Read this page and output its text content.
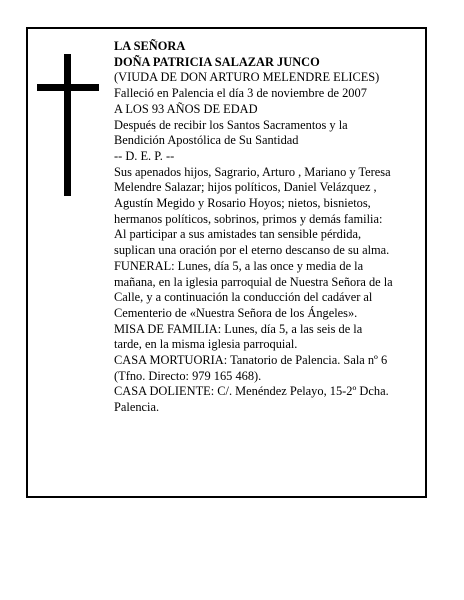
LA SEÑORA

DOÑA PATRICIA SALAZAR JUNCO

(VIUDA DE DON ARTURO MELENDRE ELICES)

Falleció en Palencia el día 3 de noviembre de 2007

A LOS 93 AÑOS DE EDAD

Después de recibir los Santos Sacramentos y la

Bendición Apostólica de Su Santidad

-- D. E. P. --

Sus apenados hijos, Sagrario, Arturo , Mariano y Teresa

Melendre Salazar; hijos políticos, Daniel Velázquez ,

Agustín Megido y Rosario Hoyos; nietos, bisnietos,

hermanos políticos, sobrinos, primos y demás familia:

Al participar a sus amistades tan sensible pérdida,

suplican una oración por el eterno descanso de su alma.

FUNERAL: Lunes, día 5, a las once y media de la

mañana, en la iglesia parroquial de Nuestra Señora de la

Calle, y a continuación la conducción del cadáver al

Cementerio de «Nuestra Señora de los Ángeles».

MISA DE FAMILIA: Lunes, día 5, a las seis de la

tarde, en la misma iglesia parroquial.

CASA MORTUORIA: Tanatorio de Palencia. Sala nº 6

(Tfno. Directo: 979 165 468).

CASA DOLIENTE: C/. Menéndez Pelayo, 15-2º Dcha.

Palencia.
